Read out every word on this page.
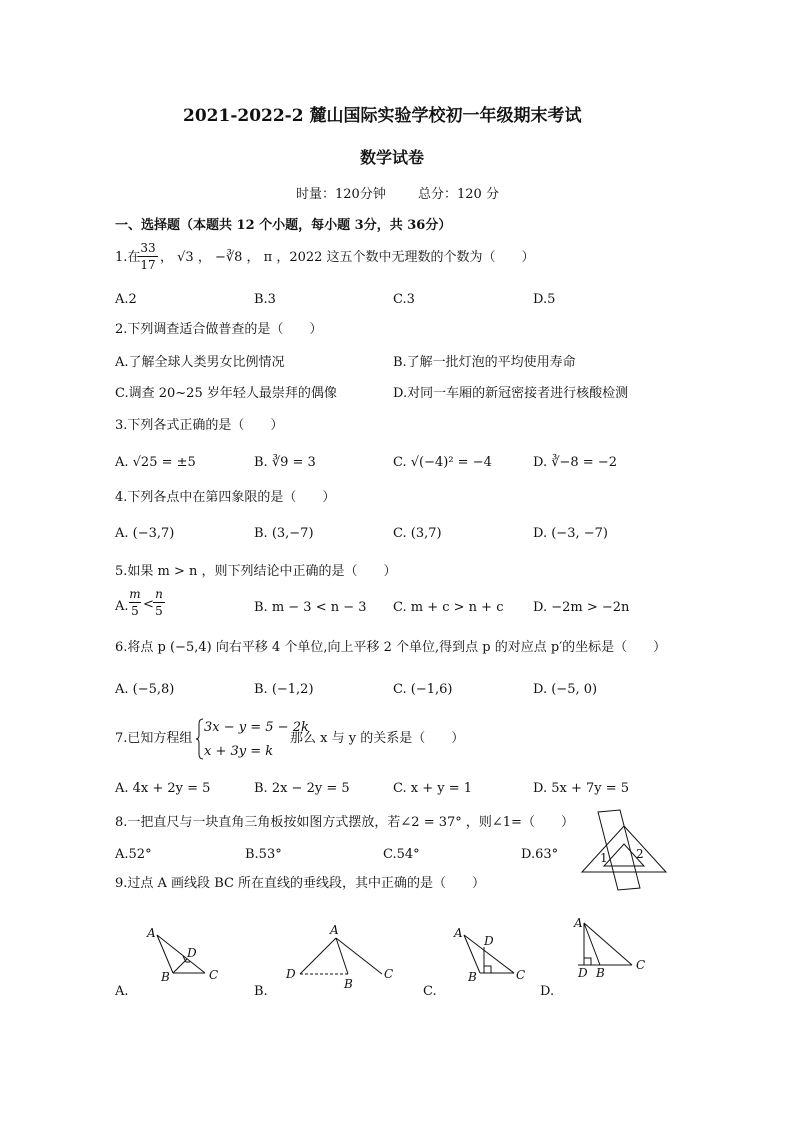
2021-2022-2 麓山国际实验学校初一年级期末考试
数学试卷
时量：120分钟 总分：120 分
一、选择题（本题共 12 个小题，每小题 3分，共 36分）
1.在
33
17 ， √3 ， −∛8 ， π ，2022 这五个数中无理数的个数为（　　）
A.2	B.3	C.3	D.5
2.下列调查适合做普查的是（　　）
A.了解全球人类男女比例情况	B.了解一批灯泡的平均使用寿命
C.调查 20~25 岁年轻人最崇拜的偶像	D.对同一车厢的新冠密接者进行核酸检测
3.下列各式正确的是（　　）
A. √25 = ±5	B. ∛9 = 3	C. √(−4)² = −4	D. ∛−8 = −2
4.下列各点中在第四象限的是（　　）
A. (−3,7)	B. (3,−7)	C. (3,7)	D. (−3, −7)
5.如果 m > n ，则下列结论中正确的是（　　）
A.
m
5 <
n
5	B. m − 3 < n − 3 C. m + c > n + c D. −2m > −2n
6.将点 p (−5,4) 向右平移 4 个单位,向上平移 2 个单位,得到点 p 的对应点 p′的坐标是（　　）
A. (−5,8)	B. (−1,2)	C. (−1,6)	D. (−5, 0)
7.已知方程组
3x − y = 5 − 2k
x + 3y = k
那么 x 与 y 的关系是（　　）
A. 4x + 2y = 5	B. 2x − 2y = 5	C. x + y = 1	D. 5x + 7y = 5
8.一把直尺与一块直角三角板按如图方式摆放，若∠2 = 37° ，则∠1=（　　）
A.52°	B.53°	C.54°	D.63°	1 2
9.过点 A 画线段 BC 所在直线的垂线段，其中正确的是（　　）
A
D
B	C
A.
A
D
B
C
B.
A
D
B	C
C.
A
D B
C
D.
